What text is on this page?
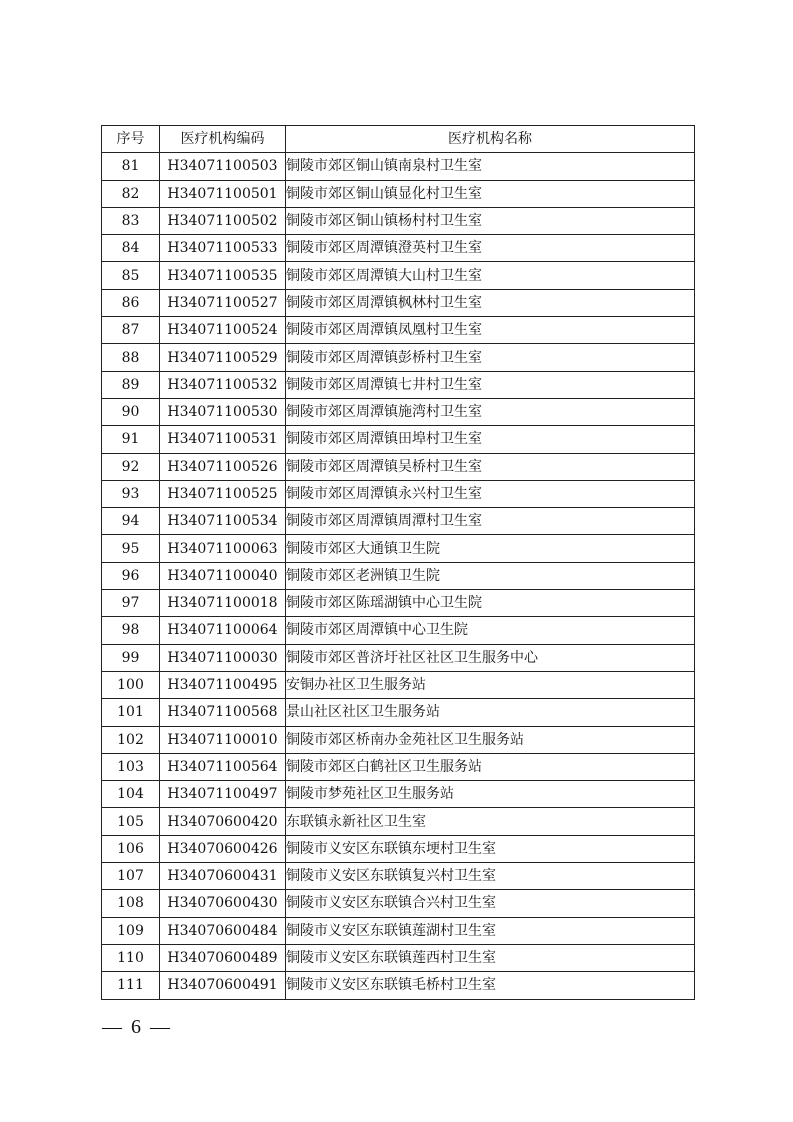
序号	医疗机构编码	医疗机构名称
81	H34071100503	铜陵市郊区铜山镇南泉村卫生室
82	H34071100501	铜陵市郊区铜山镇显化村卫生室
83	H34071100502	铜陵市郊区铜山镇杨村村卫生室
84	H34071100533	铜陵市郊区周潭镇澄英村卫生室
85	H34071100535	铜陵市郊区周潭镇大山村卫生室
86	H34071100527	铜陵市郊区周潭镇枫林村卫生室
87	H34071100524	铜陵市郊区周潭镇凤凰村卫生室
88	H34071100529	铜陵市郊区周潭镇彭桥村卫生室
89	H34071100532	铜陵市郊区周潭镇七井村卫生室
90	H34071100530	铜陵市郊区周潭镇施湾村卫生室
91	H34071100531	铜陵市郊区周潭镇田埠村卫生室
92	H34071100526	铜陵市郊区周潭镇吴桥村卫生室
93	H34071100525	铜陵市郊区周潭镇永兴村卫生室
94	H34071100534	铜陵市郊区周潭镇周潭村卫生室
95	H34071100063	铜陵市郊区大通镇卫生院
96	H34071100040	铜陵市郊区老洲镇卫生院
97	H34071100018	铜陵市郊区陈瑶湖镇中心卫生院
98	H34071100064	铜陵市郊区周潭镇中心卫生院
99	H34071100030	铜陵市郊区普济圩社区社区卫生服务中心
100	H34071100495	安铜办社区卫生服务站
101	H34071100568	景山社区社区卫生服务站
102	H34071100010	铜陵市郊区桥南办金苑社区卫生服务站
103	H34071100564	铜陵市郊区白鹤社区卫生服务站
104	H34071100497	铜陵市梦苑社区卫生服务站
105	H34070600420	东联镇永新社区卫生室
106	H34070600426	铜陵市义安区东联镇东埂村卫生室
107	H34070600431	铜陵市义安区东联镇复兴村卫生室
108	H34070600430	铜陵市义安区东联镇合兴村卫生室
109	H34070600484	铜陵市义安区东联镇莲湖村卫生室
110	H34070600489	铜陵市义安区东联镇莲西村卫生室
111	H34070600491	铜陵市义安区东联镇毛桥村卫生室
— 6 —
